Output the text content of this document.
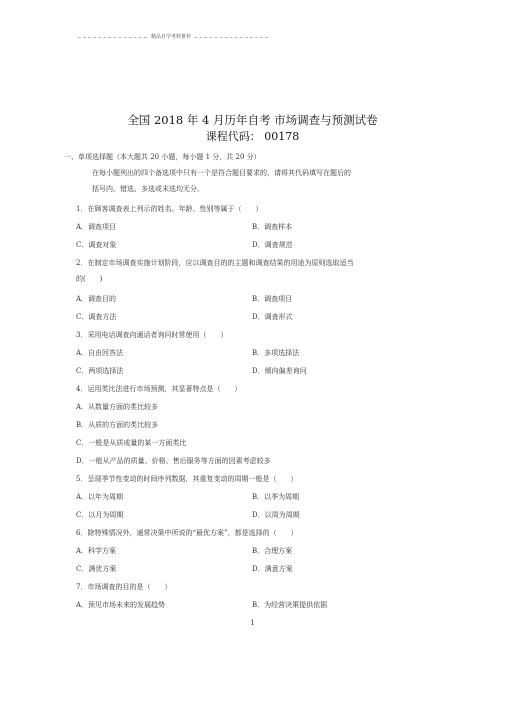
精品自学考料推荐
全国 2018 年 4 月历年自考 市场调查与预测试卷
课程代码： 00178
一、单项选择题（本大题共 20 小题，每小题 1 分，共 20 分）
在每小题列出的四个备选项中只有一个是符合题目要求的，请将其代码填写在题后的
括号内。错选、多选或未选均无分。
1．在顾客调查表上列示的姓名、年龄、性别等属于（　　）
A．调查项目	B．调查样本
C．调查对象	D．调查规范
2．在制定市场调查实施计划阶段，应以调查目的的主题和调查结果的用途为原则选取适当
的(　　)
A．调查目的	B．调查项目
C．调查方法	D．调查形式
3．采用电话调查向通话者询问时常使用（　　）
A．自由回答法	B．多项选择法
C．两项选择法	D．倾向偏差询问
4．运用类比法进行市场预测，其显著特点是（　　）
A．从数量方面的类比较多
B．从质的方面的类比较多
C．一般是从质或量的某一方面类比
D．一般从产品的质量、价格、售后服务等方面的因素考虑较多
5．呈现季节性变动的时间序列数据，其重复变动的周期一般是（　　）
A．以年为周期	B．以季为周期
C．以月为周期	D．以周为周期
6．除特殊情况外，通常决策中所说的“最优方案”，都是选择的（　　）
A．科学方案	B．合理方案
C．满优方案	D．满意方案
7．市场调查的目的是（　　）
A．预见市场未来的发展趋势	B．为经营决策提供依据
1
